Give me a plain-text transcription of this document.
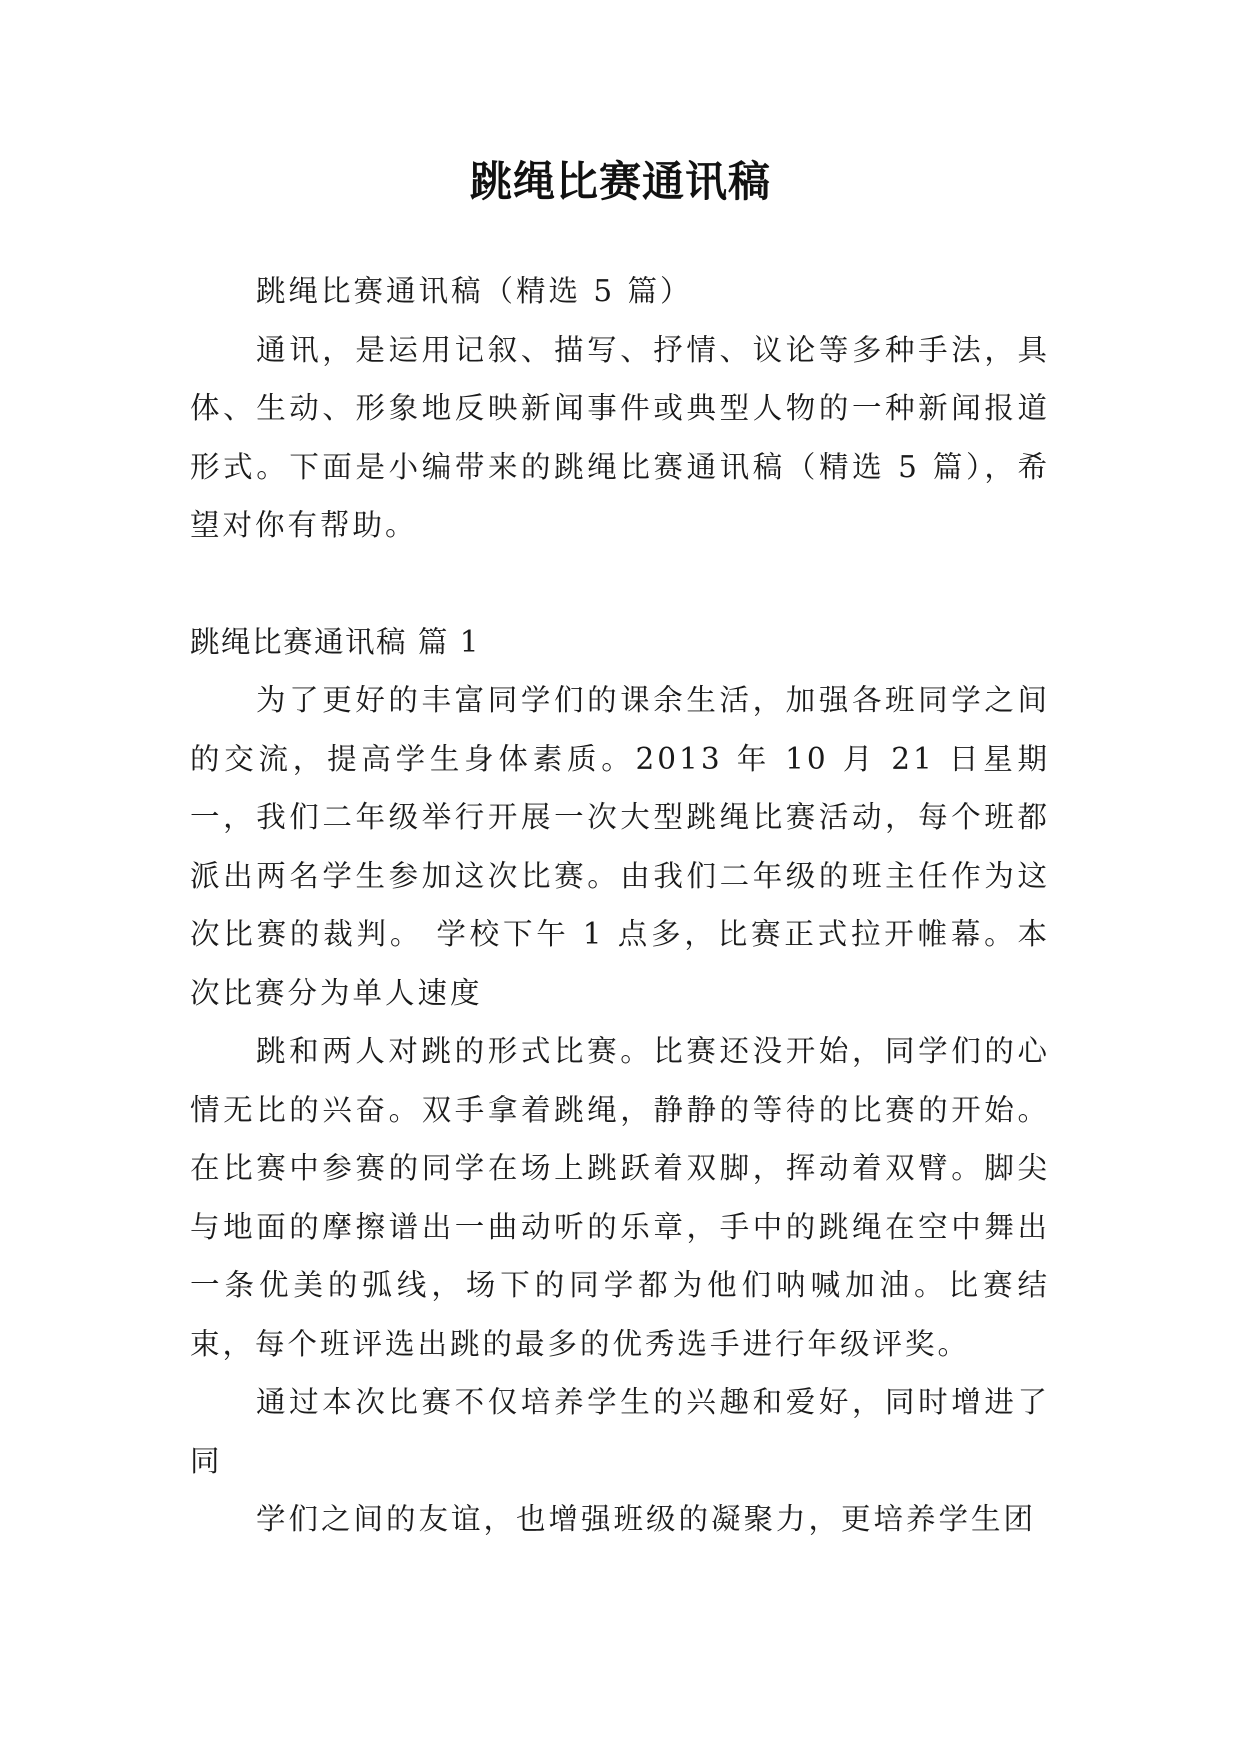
跳绳比赛通讯稿

跳绳比赛通讯稿（精选 5 篇）

通讯，是运用记叙、描写、抒情、议论等多种手法，具体、生动、形象地反映新闻事件或典型人物的一种新闻报道形式。下面是小编带来的跳绳比赛通讯稿（精选 5 篇），希望对你有帮助。

跳绳比赛通讯稿 篇 1

为了更好的丰富同学们的课余生活，加强各班同学之间的交流，提高学生身体素质。2013 年 10 月 21 日星期一，我们二年级举行开展一次大型跳绳比赛活动，每个班都派出两名学生参加这次比赛。由我们二年级的班主任作为这次比赛的裁判。 学校下午 1 点多，比赛正式拉开帷幕。本次比赛分为单人速度

跳和两人对跳的形式比赛。比赛还没开始，同学们的心情无比的兴奋。双手拿着跳绳，静静的等待的比赛的开始。在比赛中参赛的同学在场上跳跃着双脚，挥动着双臂。脚尖与地面的摩擦谱出一曲动听的乐章，手中的跳绳在空中舞出一条优美的弧线，场下的同学都为他们呐喊加油。比赛结束，每个班评选出跳的最多的优秀选手进行年级评奖。

通过本次比赛不仅培养学生的兴趣和爱好，同时增进了同

学们之间的友谊，也增强班级的凝聚力，更培养学生团
